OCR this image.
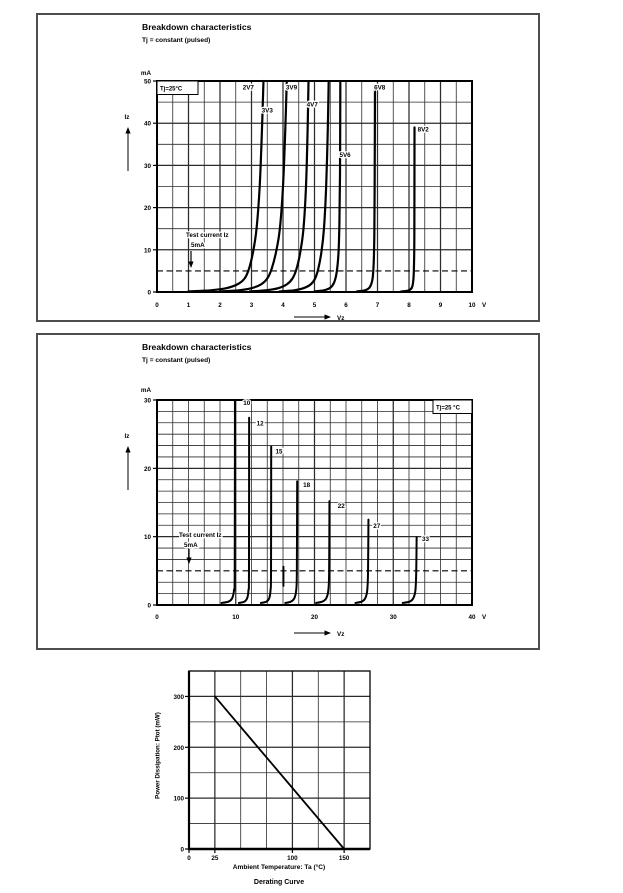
Breakdown characteristics
Tj = constant (pulsed)
Breakdown characteristics
Tj = constant (pulsed)
Power Dissipation: Ptot (mW)
Ambient Temperature: Ta (°C)
Derating Curve
2V7
3V3
3V9
4V7
5V6
6V8
8V2
0	1	2	3	4	5	6	7	8	9	10 V
0
10
20
30
40
50
mA
Iz
Vz
Tj=25°C
Test current Iz
5mA
10
12
15
18
22
27
33
0	10	20	30	40 V
0
10
20
30
mA
Iz
Vz
Tj=25 °C
Test current Iz
5mA
0	25	100	150
0
100
200
300
